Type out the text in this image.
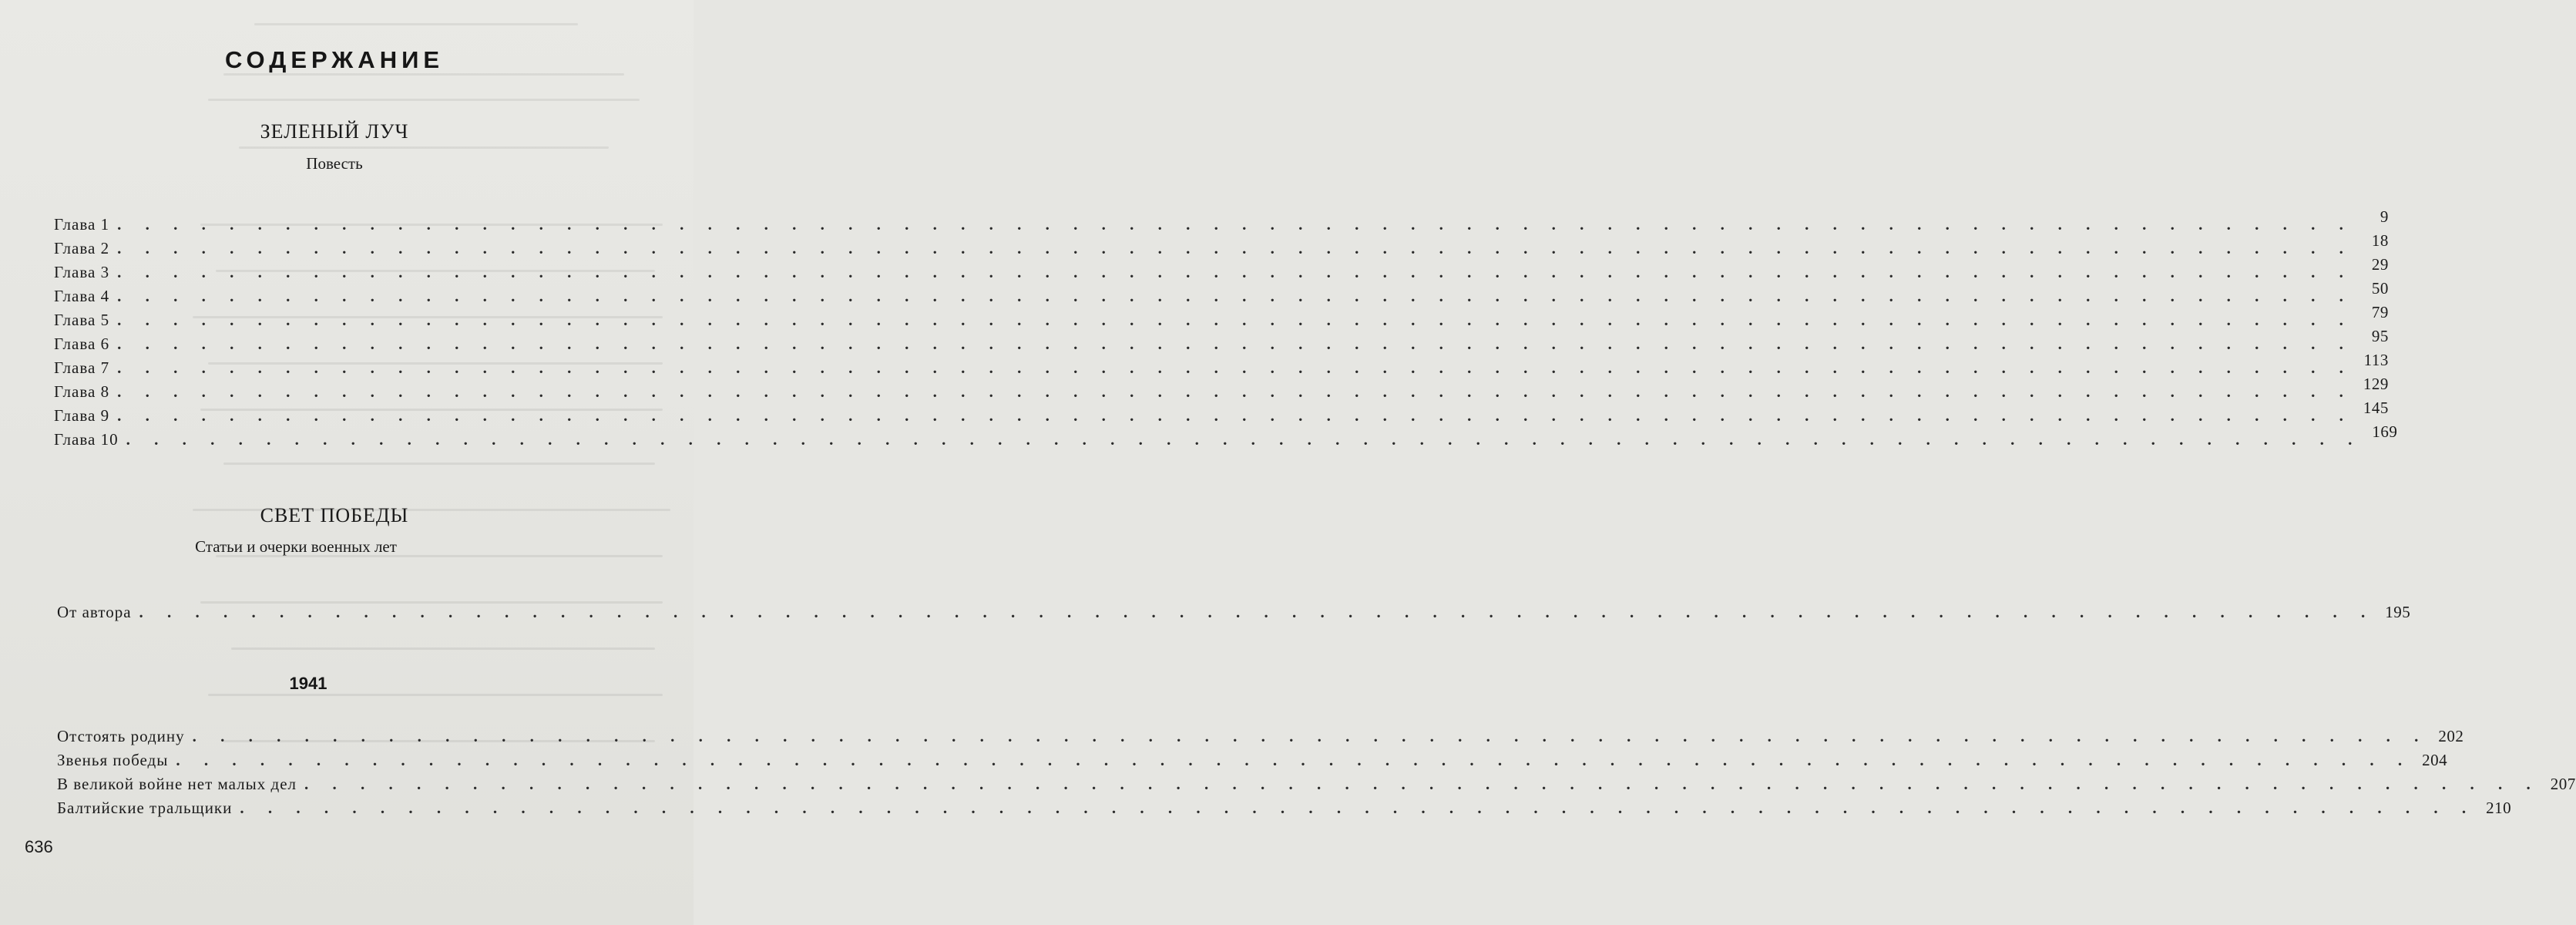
СОДЕРЖАНИЕ
ЗЕЛЕНЫЙ ЛУЧ
Повесть
Глава 1 . . . . . . . . . . . . . . . . . . . . . . . . . . . . . . . . . . . . . . . . . . . . . . . . . . . . . . . . . . . . . . . . . . . . . . . . . . . . . . . .	9
Глава 2 . . . . . . . . . . . . . . . . . . . . . . . . . . . . . . . . . . . . . . . . . . . . . . . . . . . . . . . . . . . . . . . . . . . . . . . . . . . . . . . .	18
Глава 3 . . . . . . . . . . . . . . . . . . . . . . . . . . . . . . . . . . . . . . . . . . . . . . . . . . . . . . . . . . . . . . . . . . . . . . . . . . . . . . . .	29
Глава 4 . . . . . . . . . . . . . . . . . . . . . . . . . . . . . . . . . . . . . . . . . . . . . . . . . . . . . . . . . . . . . . . . . . . . . . . . . . . . . . . .	50
Глава 5 . . . . . . . . . . . . . . . . . . . . . . . . . . . . . . . . . . . . . . . . . . . . . . . . . . . . . . . . . . . . . . . . . . . . . . . . . . . . . . . .	79
Глава 6 . . . . . . . . . . . . . . . . . . . . . . . . . . . . . . . . . . . . . . . . . . . . . . . . . . . . . . . . . . . . . . . . . . . . . . . . . . . . . . . .	95
Глава 7 . . . . . . . . . . . . . . . . . . . . . . . . . . . . . . . . . . . . . . . . . . . . . . . . . . . . . . . . . . . . . . . . . . . . . . . . . . . . . . . . 113
Глава 8 . . . . . . . . . . . . . . . . . . . . . . . . . . . . . . . . . . . . . . . . . . . . . . . . . . . . . . . . . . . . . . . . . . . . . . . . . . . . . . . . 129
Глава 9 . . . . . . . . . . . . . . . . . . . . . . . . . . . . . . . . . . . . . . . . . . . . . . . . . . . . . . . . . . . . . . . . . . . . . . . . . . . . . . . . 145
Глава 10 . . . . . . . . . . . . . . . . . . . . . . . . . . . . . . . . . . . . . . . . . . . . . . . . . . . . . . . . . . . . . . . . . . . . . . . . . . . . . . . . 169
СВЕТ ПОБЕДЫ
Статьи и очерки военных лет
От автора . . . . . . . . . . . . . . . . . . . . . . . . . . . . . . . . . . . . . . . . . . . . . . . . . . . . . . . . . . . . . . . . . . . . . . . . . . . . . . . . 195
1941
Отстоять родину . . . . . . . . . . . . . . . . . . . . . . . . . . . . . . . . . . . . . . . . . . . . . . . . . . . . . . . . . . . . . . . . . . . . . . . . . . . . . . . . 202
Звенья победы . . . . . . . . . . . . . . . . . . . . . . . . . . . . . . . . . . . . . . . . . . . . . . . . . . . . . . . . . . . . . . . . . . . . . . . . . . . . . . . . 204
В великой войне нет малых дел . . . . . . . . . . . . . . . . . . . . . . . . . . . . . . . . . . . . . . . . . . . . . . . . . . . . . . . . . . . . . . . . . . . . . . . . . . . . . . . . 207
Балтийские тральщики . . . . . . . . . . . . . . . . . . . . . . . . . . . . . . . . . . . . . . . . . . . . . . . . . . . . . . . . . . . . . . . . . . . . . . . . . . . . . . . . 210
636
